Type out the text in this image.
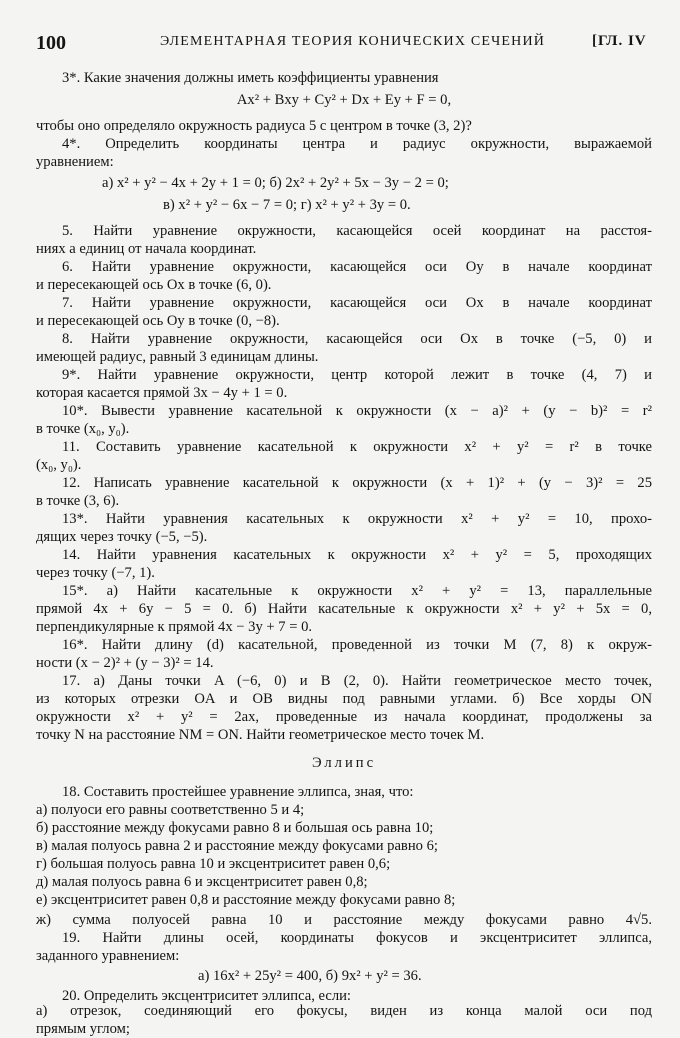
100	ЭЛЕМЕНТАРНАЯ ТЕОРИЯ КОНИЧЕСКИХ СЕЧЕНИЙ	[ГЛ. IV
3*. Какие значения должны иметь коэффициенты уравнения
Ax² + Bxy + Cy² + Dx + Ey + F = 0,
чтобы оно определяло окружность радиуса 5 с центром в точке (3, 2)?
4*. Определить координаты центра и радиус окружности, выражаемой
уравнением:
а) x² + y² − 4x + 2y + 1 = 0; б) 2x² + 2y² + 5x − 3y − 2 = 0;
в) x² + y² − 6x − 7 = 0; г) x² + y² + 3y = 0.
5. Найти уравнение окружности, касающейся осей координат на расстоя-
ниях a единиц от начала координат.
6. Найти уравнение окружности, касающейся оси Oy в начале координат
и пересекающей ось Ox в точке (6, 0).
7. Найти уравнение окружности, касающейся оси Ox в начале координат
и пересекающей ось Oy в точке (0, −8).
8. Найти уравнение окружности, касающейся оси Ox в точке (−5, 0) и
имеющей радиус, равный 3 единицам длины.
9*. Найти уравнение окружности, центр которой лежит в точке (4, 7) и
которая касается прямой 3x − 4y + 1 = 0.
10*. Вывести уравнение касательной к окружности (x − a)² + (y − b)² = r²
в точке (x₀, y₀).
11. Составить уравнение касательной к окружности x² + y² = r² в точке
(x₀, y₀).
12. Написать уравнение касательной к окружности (x + 1)² + (y − 3)² = 25
в точке (3, 6).
13*. Найти уравнения касательных к окружности x² + y² = 10, прохо-
дящих через точку (−5, −5).
14. Найти уравнения касательных к окружности x² + y² = 5, проходящих
через точку (−7, 1).
15*. а) Найти касательные к окружности x² + y² = 13, параллельные
прямой 4x + 6y − 5 = 0. б) Найти касательные к окружности x² + y² + 5x = 0,
перпендикулярные к прямой 4x − 3y + 7 = 0.
16*. Найти длину (d) касательной, проведенной из точки M (7, 8) к окруж-
ности (x − 2)² + (y − 3)² = 14.
17. а) Даны точки A (−6, 0) и B (2, 0). Найти геометрическое место точек,
из которых отрезки OA и OB видны под равными углами. б) Все хорды ON
окружности x² + y² = 2ax, проведенные из начала координат, продолжены за
точку N на расстояние NM = ON. Найти геометрическое место точек M.
Эллипс
18. Составить простейшее уравнение эллипса, зная, что:
а) полуоси его равны соответственно 5 и 4;
б) расстояние между фокусами равно 8 и большая ось равна 10;
в) малая полуось равна 2 и расстояние между фокусами равно 6;
г) большая полуось равна 10 и эксцентриситет равен 0,6;
д) малая полуось равна 6 и эксцентриситет равен 0,8;
е) эксцентриситет равен 0,8 и расстояние между фокусами равно 8;
ж) сумма полуосей равна 10 и расстояние между фокусами равно 4√5.
19. Найти длины осей, координаты фокусов и эксцентриситет эллипса,
заданного уравнением:
а) 16x² + 25y² = 400, б) 9x² + y² = 36.
20. Определить эксцентриситет эллипса, если:
а) отрезок, соединяющий его фокусы, виден из конца малой оси под
прямым углом;
